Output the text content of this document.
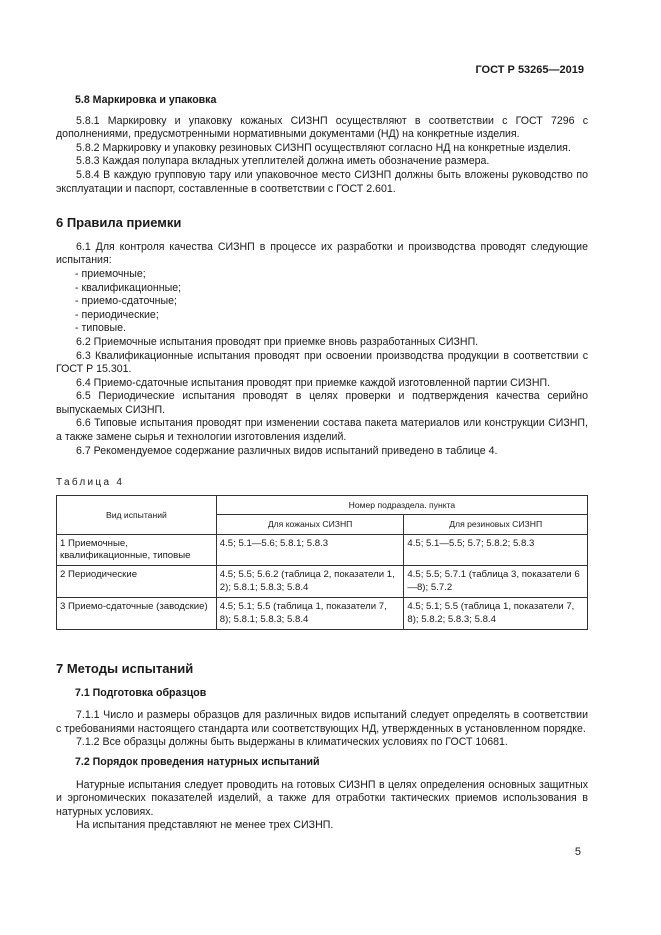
ГОСТ Р 53265—2019

5.8 Маркировка и упаковка

5.8.1 Маркировку и упаковку кожаных СИЗНП осуществляют в соответствии с ГОСТ 7296 с дополнениями, предусмотренными нормативными документами (НД) на конкретные изделия.

5.8.2 Маркировку и упаковку резиновых СИЗНП осуществляют согласно НД на конкретные изделия.

5.8.3 Каждая полупара вкладных утеплителей должна иметь обозначение размера.

5.8.4 В каждую групповую тару или упаковочное место СИЗНП должны быть вложены руководство по эксплуатации и паспорт, составленные в соответствии с ГОСТ 2.601.

6 Правила приемки

6.1 Для контроля качества СИЗНП в процессе их разработки и производства проводят следующие испытания:

- приемочные;
- квалификационные;
- приемо-сдаточные;
- периодические;
- типовые.

6.2 Приемочные испытания проводят при приемке вновь разработанных СИЗНП.

6.3 Квалификационные испытания проводят при освоении производства продукции в соответствии с ГОСТ Р 15.301.

6.4 Приемо-сдаточные испытания проводят при приемке каждой изготовленной партии СИЗНП.

6.5 Периодические испытания проводят в целях проверки и подтверждения качества серийно выпускаемых СИЗНП.

6.6 Типовые испытания проводят при изменении состава пакета материалов или конструкции СИЗНП, а также замене сырья и технологии изготовления изделий.

6.7 Рекомендуемое содержание различных видов испытаний приведено в таблице 4.

Таблица 4

Вид испытаний	Номер подраздела. пункта	
	Для кожаных СИЗНП	Для резиновых СИЗНП
1 Приемочные, квалификационные, типовые	4.5; 5.1—5.6; 5.8.1; 5.8.3	4.5; 5.1—5.5; 5.7; 5.8.2; 5.8.3
2 Периодические	4.5; 5.5; 5.6.2 (таблица 2, показатели 1, 2); 5.8.1; 5.8.3; 5.8.4	4.5; 5.5; 5.7.1 (таблица 3, показатели 6—8); 5.7.2
3 Приемо-сдаточные (заводские)	4.5; 5.1; 5.5 (таблица 1, показатели 7, 8); 5.8.1; 5.8.3; 5.8.4	4.5; 5.1; 5.5 (таблица 1, показатели 7, 8); 5.8.2; 5.8.3; 5.8.4

7 Методы испытаний

7.1 Подготовка образцов

7.1.1 Число и размеры образцов для различных видов испытаний следует определять в соответствии с требованиями настоящего стандарта или соответствующих НД, утвержденных в установленном порядке.

7.1.2 Все образцы должны быть выдержаны в климатических условиях по ГОСТ 10681.

7.2 Порядок проведения натурных испытаний

Натурные испытания следует проводить на готовых СИЗНП в целях определения основных защитных и эргономических показателей изделий, а также для отработки тактических приемов использования в натурных условиях.

На испытания представляют не менее трех СИЗНП.

5
